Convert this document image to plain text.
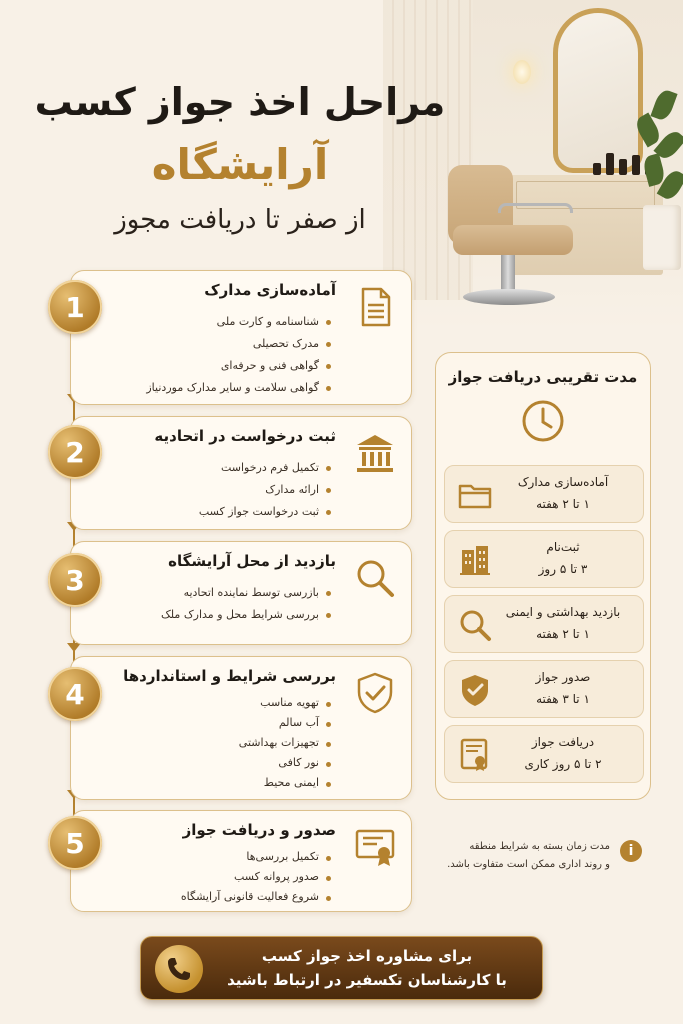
مراحل اخذ جواز کسب
آرایشگاه
از صفر تا دریافت مجوز
آماده‌سازی مدارک
شناسنامه و کارت ملی
مدرک تحصیلی
گواهی فنی و حرفه‌ای
گواهی سلامت و سایر مدارک موردنیاز
1
ثبت درخواست در اتحادیه
تکمیل فرم درخواست
ارائه مدارک
ثبت درخواست جواز کسب
2
بازدید از محل آرایشگاه
بازرسی توسط نماینده اتحادیه
بررسی شرایط محل و مدارک ملک
3
بررسی شرایط و استانداردها
تهویه مناسب
آب سالم
تجهیزات بهداشتی
نور کافی
ایمنی محیط
4
صدور و دریافت جواز
تکمیل بررسی‌ها
صدور پروانه کسب
شروع فعالیت قانونی آرایشگاه
5
مدت تقریبی دریافت جواز
آماده‌سازی مدارک
۱ تا ۲ هفته
ثبت‌نام
۳ تا ۵ روز
بازدید بهداشتی و ایمنی
۱ تا ۲ هفته
صدور جواز
۱ تا ۳ هفته
دریافت جواز
۲ تا ۵ روز کاری
i
مدت زمان بسته به شرایط منطقه
و روند اداری ممکن است متفاوت باشد.
برای مشاوره اخذ جواز کسب
با کارشناسان تکسفیر در ارتباط باشید
